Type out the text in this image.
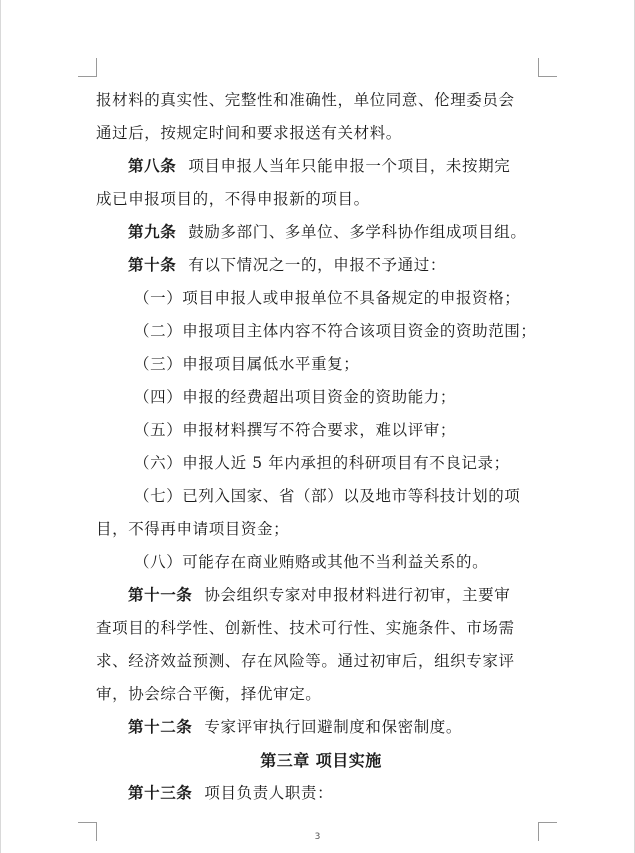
报材料的真实性、完整性和准确性，单位同意、伦理委员会
通过后，按规定时间和要求报送有关材料。
第八条 项目申报人当年只能申报一个项目，未按期完
成已申报项目的，不得申报新的项目。
第九条 鼓励多部门、多单位、多学科协作组成项目组。
第十条 有以下情况之一的，申报不予通过：
（一）项目申报人或申报单位不具备规定的申报资格；
（二）申报项目主体内容不符合该项目资金的资助范围；
（三）申报项目属低水平重复；
（四）申报的经费超出项目资金的资助能力；
（五）申报材料撰写不符合要求，难以评审；
（六）申报人近 5 年内承担的科研项目有不良记录；
（七）已列入国家、省（部）以及地市等科技计划的项
目，不得再申请项目资金；
（八）可能存在商业贿赂或其他不当利益关系的。
第十一条 协会组织专家对申报材料进行初审，主要审
查项目的科学性、创新性、技术可行性、实施条件、市场需
求、经济效益预测、存在风险等。通过初审后，组织专家评
审，协会综合平衡，择优审定。
第十二条 专家评审执行回避制度和保密制度。
第三章 项目实施
第十三条 项目负责人职责：
3
